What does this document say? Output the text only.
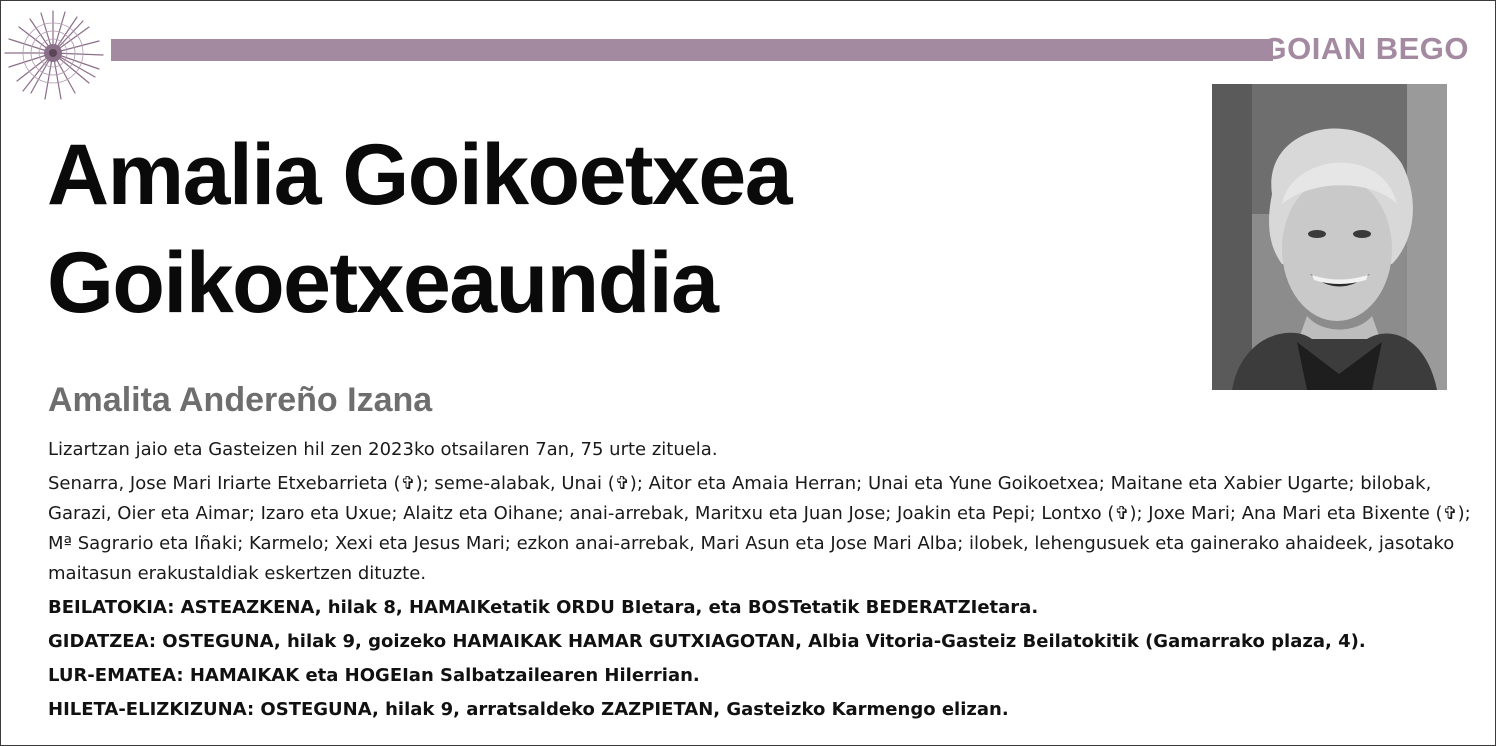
GOIAN BEGO
Amalia Goikoetxea
Goikoetxeaundia
Amalita Andereño Izana

Lizartzan jaio eta Gasteizen hil zen 2023ko otsailaren 7an, 75 urte zituela.

Senarra, Jose Mari Iriarte Etxebarrieta (✞); seme-alabak, Unai (✞); Aitor eta Amaia Herran; Unai eta Yune Goikoetxea; Maitane eta Xabier Ugarte; bilobak, Garazi, Oier eta Aimar; Izaro eta Uxue; Alaitz eta Oihane; anai-arrebak, Maritxu eta Juan Jose; Joakin eta Pepi; Lontxo (✞); Joxe Mari; Ana Mari eta Bixente (✞); Mª Sagrario eta Iñaki; Karmelo; Xexi eta Jesus Mari; ezkon anai-arrebak, Mari Asun eta Jose Mari Alba; ilobek, lehengusuek eta gainerako ahaideek, jasotako maitasun erakustaldiak eskertzen dituzte.

BEILATOKIA: ASTEAZKENA, hilak 8, HAMAIKetatik ORDU BIetara, eta BOSTetatik BEDERATZIetara.

GIDATZEA: OSTEGUNA, hilak 9, goizeko HAMAIKAK HAMAR GUTXIAGOTAN, Albia Vitoria-Gasteiz Beilatokitik (Gamarrako plaza, 4).

LUR-EMATEA: HAMAIKAK eta HOGEIan Salbatzailearen Hilerrian.

HILETA-ELIZKIZUNA: OSTEGUNA, hilak 9, arratsaldeko ZAZPIETAN, Gasteizko Karmengo elizan.
